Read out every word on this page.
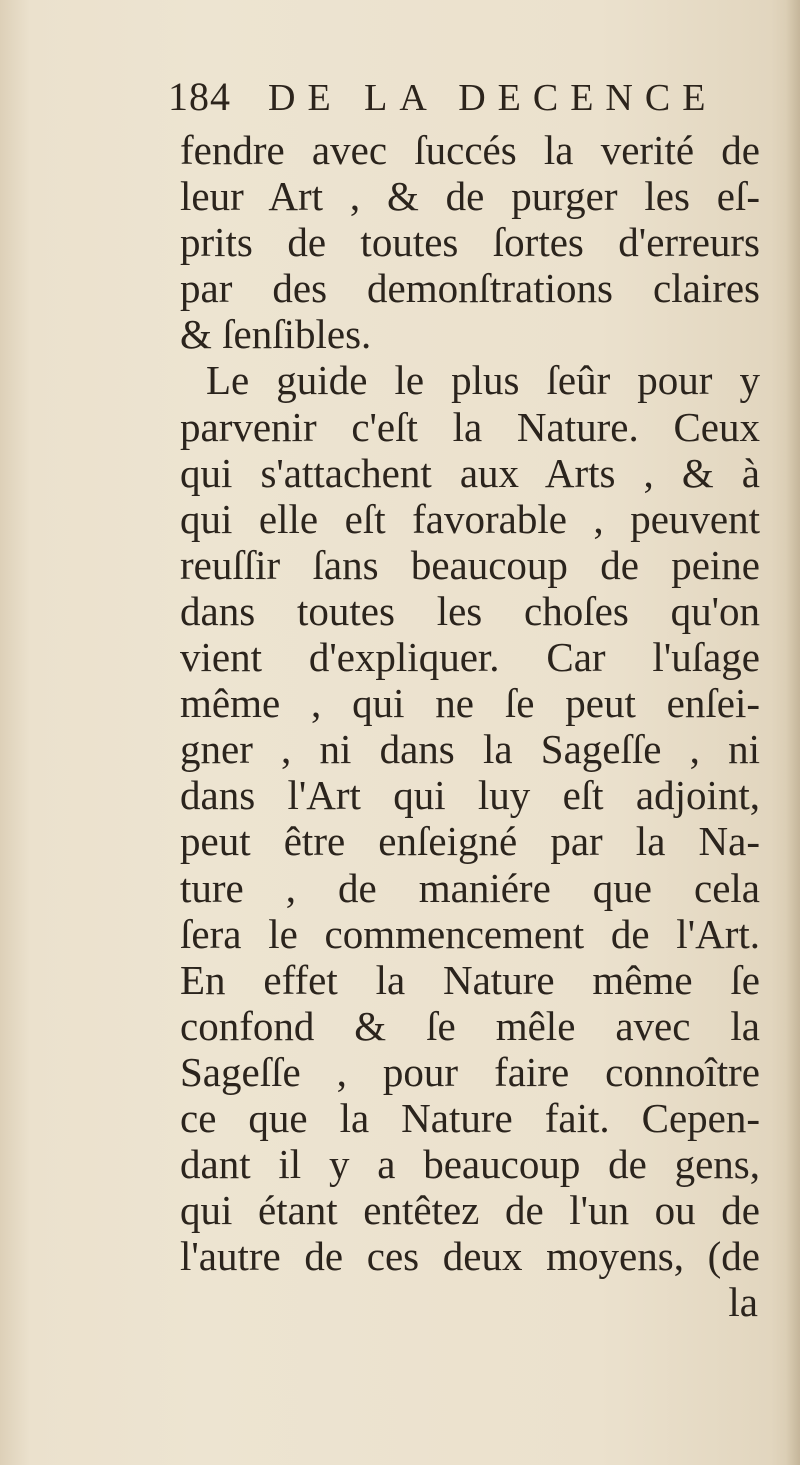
184 DE LA DECENCE
fendre avec ſuccés la verité de
leur Art , & de purger les eſ-
prits de toutes ſortes d'erreurs
par des demonſtrations claires
& ſenſibles.
Le guide le plus ſeûr pour y
parvenir c'eſt la Nature. Ceux
qui s'attachent aux Arts , & à
qui elle eſt favorable , peuvent
reuſſir ſans beaucoup de peine
dans toutes les choſes qu'on
vient d'expliquer. Car l'uſage
même , qui ne ſe peut enſei-
gner , ni dans la Sageſſe , ni
dans l'Art qui luy eſt adjoint,
peut être enſeigné par la Na-
ture , de maniére que cela
ſera le commencement de l'Art.
En effet la Nature même ſe
confond & ſe mêle avec la
Sageſſe , pour faire connoître
ce que la Nature fait. Cepen-
dant il y a beaucoup de gens,
qui étant entêtez de l'un ou de
l'autre de ces deux moyens, (de
la
